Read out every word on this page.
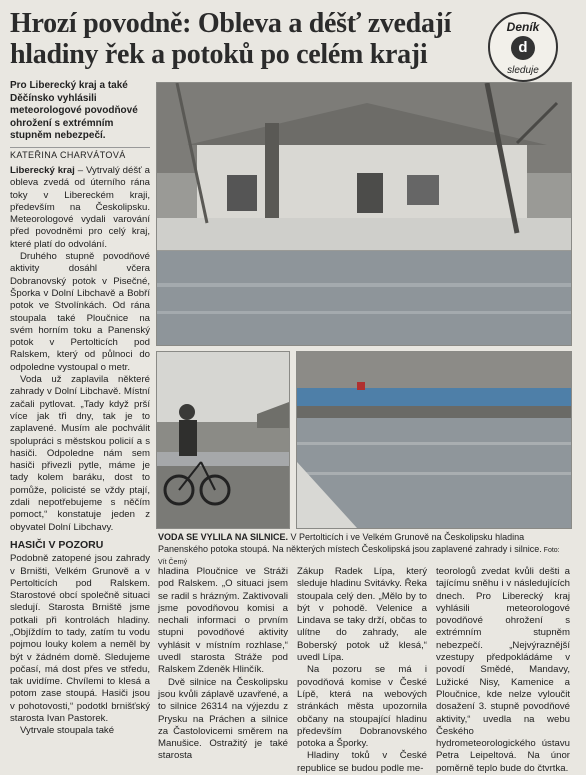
Hrozí povodně: Obleva a déšť zvedají hladiny řek a potoků po celém kraji
Deník
d
sleduje
Pro Liberecký kraj a také Děčínsko vyhlásili meteorologové povodňové ohrožení s extrémním stupněm nebezpečí.
KATEŘINA CHARVÁTOVÁ

Liberecký kraj – Vytrvalý déšť a obleva zvedá od úterního rána toky v Libereckém kraji, především na Českolipsku. Meteorologové vydali varování před povodněmi pro celý kraj, které platí do odvolání.

Druhého stupně povodňové aktivity dosáhl včera Dobranovský potok v Pisečné, Šporka v Dolní Libchavě a Bobří potok ve Stvolínkách. Od rána stoupala také Ploučnice na svém horním toku a Panenský potok v Pertolticích pod Ralskem, který od půlnoci do odpoledne vystoupal o metr.

Voda už zaplavila některé zahrady v Dolní Libchavě. Místní začali pytlovat. „Tady když prší více jak tři dny, tak je to zaplavené. Musím ale pochválit spolupráci s městskou policií a s hasiči. Odpoledne nám sem hasiči přivezli pytle, máme je tady kolem baráku, dost to pomůže, policisté se vždy ptají, zdali nepotřebujeme s něčím pomoct,“ konstatuje jeden z obyvatel Dolní Libchavy.

HASIČI V POZORU

Podobně zatopené jsou zahrady v Brništi, Velkém Grunově a v Pertolticích pod Ralskem. Starostové obcí společně situaci sledují. Starosta Brniště jsme potkali při kontrolách hladiny. „Objíždím to tady, zatím tu vodu pojmou louky kolem a neměl by být v žádném domě. Sledujeme počasí, má dost přes ve středu, tak uvidíme. Chvílemi to klesá a potom zase stoupá. Hasiči jsou v pohotovosti,“ podotkl brnišťský starosta Ivan Pastorek.

Vytrvale stoupala také

VODA SE VYLILA NA SILNICE. V Pertolticích i ve Velkém Grunově na Českolipsku hladina Panenského potoka stoupá. Na některých místech Českolipská jsou zaplavené zahrady i silnice. Foto: Vít Černý

hladina Ploučnice ve Stráži pod Ralskem. „O situaci jsem se radil s hrázným. Zaktivovali jsme povodňovou komisi a nechali informaci o prvním stupni povodňové aktivity vyhlásit v místním rozhlase,“ uvedl starosta Stráže pod Ralskem Zdeněk Hlinčík.

Dvě silnice na Českolipsku jsou kvůli záplavě uzavřené, a to silnice 26314 na výjezdu z Prysku na Práchen a silnice za Častolovicemi směrem na Manušice. Ostražitý je také starosta

Zákup Radek Lípa, který sleduje hladinu Svitávky. Řeka stoupala celý den. „Mělo by to být v pohodě. Velenice a Lindava se taky drží, občas to ulítne do zahrady, ale Boberský potok už klesá,“ uvedl Lípa.

Na pozoru se má i povodňová komise v České Lípě, která na webových stránkách města upozornila občany na stoupající hladinu především Dobranovského potoka a Šporky.

Hladiny toků v České republice se budou podle me-

teorologů zvedat kvůli dešti a tajícímu sněhu i v následujících dnech. Pro Liberecký kraj vyhlásili meteorologové povodňové ohrožení s extrémním stupněm nebezpečí. „Nejvýraznější vzestupy předpokládáme v povodí Smědé, Mandavy, Lužické Nisy, Kamenice a Ploučnice, kde nelze vyloučit dosažení 3. stupně povodňové aktivity,“ uvedla na webu Českého hydrometeorologického ústavu Petra Leipeltová. Na únor poměrně teplo bude do čtvrtka.
